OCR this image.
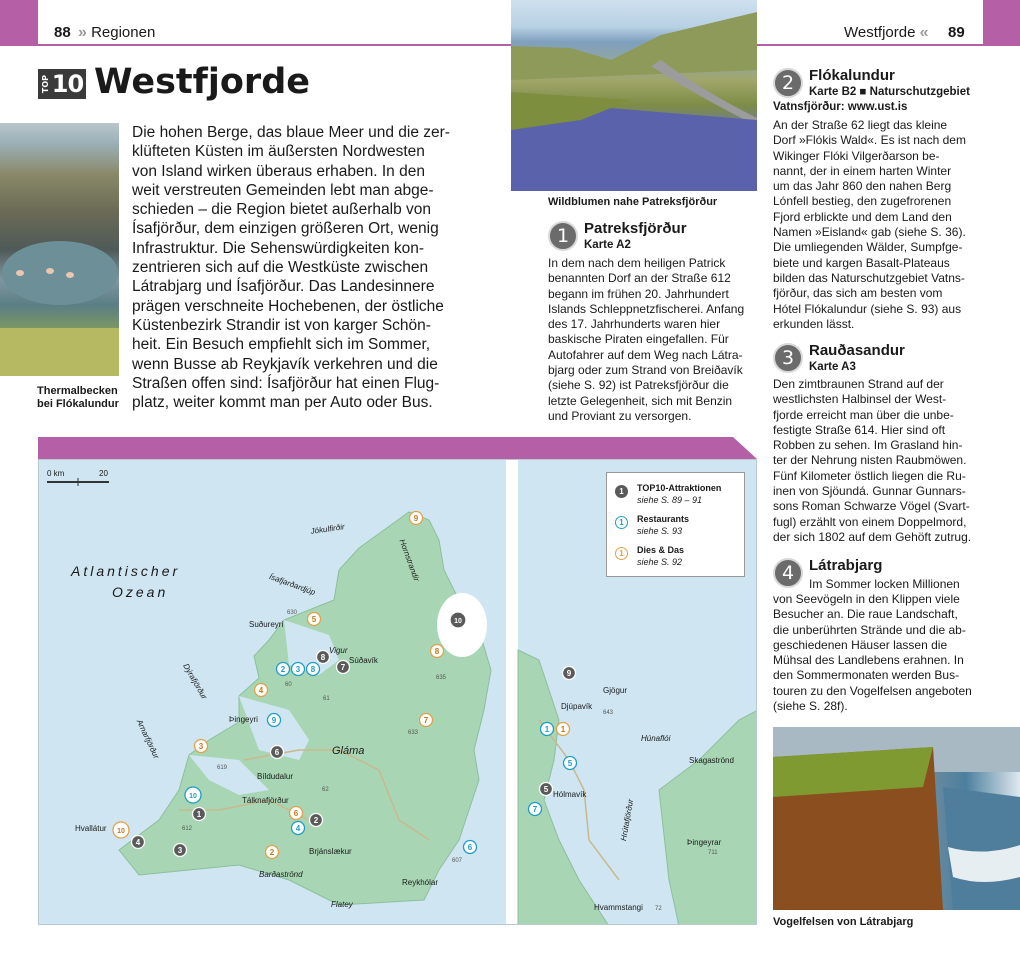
88 » Regionen	Westfjorde « 89
TOP 10 Westfjorde
Thermalbecken
bei Flókalundur
Wildblumen nahe Patreksfjörður
Vogelfelsen von Látrabjarg
Die hohen Berge, das blaue Meer und die zer-
klüfteten Küsten im äußersten Nordwesten
von Island wirken überaus erhaben. In den
weit verstreuten Gemeinden lebt man abge-
schieden – die Region bietet außerhalb von
Ísafjörður, dem einzigen größeren Ort, wenig
Infrastruktur. Die Sehenswürdigkeiten kon-
zentrieren sich auf die Westküste zwischen
Látrabjarg und Ísafjörður. Das Landesinnere
prägen verschneite Hochebenen, der östliche
Küstenbezirk Strandir ist von karger Schön-
heit. Ein Besuch empfiehlt sich im Sommer,
wenn Busse ab Reykjavík verkehren und die
Straßen offen sind: Ísafjörður hat einen Flug-
platz, weiter kommt man per Auto oder Bus.
1 Patreksfjörður
Karte A2
In dem nach dem heiligen Patrick
benannten Dorf an der Straße 612
begann im frühen 20. Jahrhundert
Islands Schleppnetzfischerei. Anfang
des 17. Jahrhunderts waren hier
baskische Piraten eingefallen. Für
Autofahrer auf dem Weg nach Látra-
bjarg oder zum Strand von Breiðavík
(siehe S. 92) ist Patreksfjörður die
letzte Gelegenheit, sich mit Benzin
und Proviant zu versorgen.
2 Flókalundur
Karte B2 ■ Naturschutzgebiet
Vatnsfjörður: www.ust.is
An der Straße 62 liegt das kleine
Dorf »Flókis Wald«. Es ist nach dem
Wikinger Flóki Vilgerðarson be-
nannt, der in einem harten Winter
um das Jahr 860 den nahen Berg
Lónfell bestieg, den zugefrorenen
Fjord erblickte und dem Land den
Namen »Eisland« gab (siehe S. 36).
Die umliegenden Wälder, Sumpfge-
biete und kargen Basalt-Plateaus
bilden das Naturschutzgebiet Vatns-
fjörður, das sich am besten vom
Hótel Flókalundur (siehe S. 93) aus
erkunden lässt.
3 Rauðasandur
Karte A3
Den zimtbraunen Strand auf der
westlichsten Halbinsel der West-
fjorde erreicht man über die unbe-
festigte Straße 614. Hier sind oft
Robben zu sehen. Im Grasland hin-
ter der Nehrung nisten Raubmöwen.
Fünf Kilometer östlich liegen die Ru-
inen von Sjöundá. Gunnar Gunnars-
sons Roman Schwarze Vögel (Svart-
fugl) erzählt von einem Doppelmord,
der sich 1802 auf dem Gehöft zutrug.
4 Látrabjarg
Im Sommer locken Millionen
von Seevögeln in den Klippen viele
Besucher an. Die raue Landschaft,
die unberührten Strände und die ab-
geschiedenen Häuser lassen die
Mühsal des Landlebens erahnen. In
den Sommermonaten werden Bus-
touren zu den Vogelfelsen angeboten
(siehe S. 28f).
9
5
2 3 8
8
7
4
9
3
6
10
1	6
4
2
10
4
3	2
6
10
8
7
9
1 1
5
5
7
0 km	20
Atlantischer
Ozean
Suðureyri
Súðavík
Vigur
Þingeyri
Gláma
Bíldudalur
Tálknafjörður
Hvallátur
Brjánslækur
Barðaströnd
Reykhólar
Flatey
Gjögur
Djúpavík
Húnaflói
Skagaströnd
Hólmavík
Þingeyrar
Hvammstangi
Jökulfirðir
Ísafjarðardjúp
Hornstrandir
Dýrafjörður
Arnarfjörður
Hrútafjörður
630
60
61
633
635
619
612
62
607
643
711
72
1	TOP10-Attraktionen
siehe S. 89 – 91
1	Restaurants
siehe S. 93
1	Dies & Das
siehe S. 92
